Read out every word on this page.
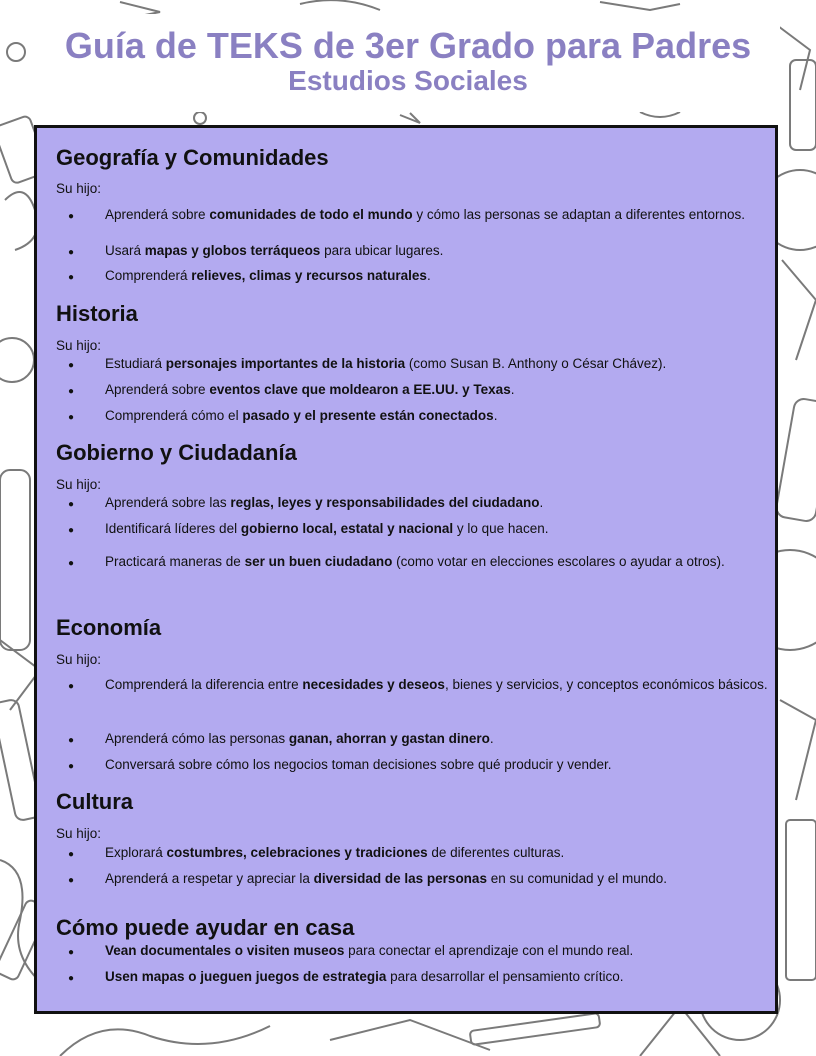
Guía de TEKS de 3er Grado para Padres
Estudios Sociales
Geografía y Comunidades
Su hijo:
●
Aprenderá sobre comunidades de todo el mundo y cómo las personas se adaptan a diferentes entornos.
●
Usará mapas y globos terráqueos para ubicar lugares.
●
Comprenderá relieves, climas y recursos naturales.
Historia
Su hijo:
●
Estudiará personajes importantes de la historia (como Susan B. Anthony o César Chávez).
●
Aprenderá sobre eventos clave que moldearon a EE.UU. y Texas.
●
Comprenderá cómo el pasado y el presente están conectados.
Gobierno y Ciudadanía
Su hijo:
●
Aprenderá sobre las reglas, leyes y responsabilidades del ciudadano.
●
Identificará líderes del gobierno local, estatal y nacional y lo que hacen.
●
Practicará maneras de ser un buen ciudadano (como votar en elecciones escolares o ayudar a otros).
Economía
Su hijo:
●
Comprenderá la diferencia entre necesidades y deseos, bienes y servicios, y conceptos económicos básicos.
●
Aprenderá cómo las personas ganan, ahorran y gastan dinero.
●
Conversará sobre cómo los negocios toman decisiones sobre qué producir y vender.
Cultura
Su hijo:
●
Explorará costumbres, celebraciones y tradiciones de diferentes culturas.
●
Aprenderá a respetar y apreciar la diversidad de las personas en su comunidad y el mundo.
Cómo puede ayudar en casa
●
Vean documentales o visiten museos para conectar el aprendizaje con el mundo real.
●
Usen mapas o jueguen juegos de estrategia para desarrollar el pensamiento crítico.
